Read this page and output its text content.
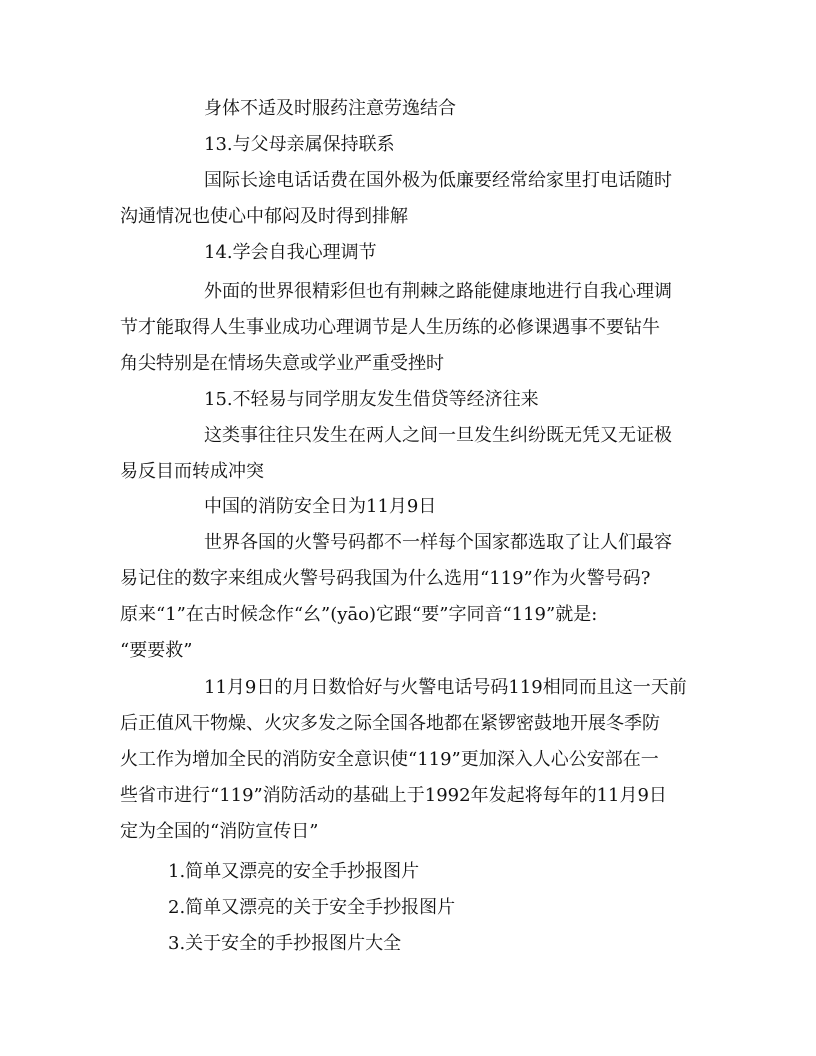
身体不适及时服药注意劳逸结合
13.与父母亲属保持联系
国际长途电话话费在国外极为低廉要经常给家里打电话随时
沟通情况也使心中郁闷及时得到排解
14.学会自我心理调节
外面的世界很精彩但也有荆棘之路能健康地进行自我心理调
节才能取得人生事业成功心理调节是人生历练的必修课遇事不要钻牛
角尖特别是在情场失意或学业严重受挫时
15.不轻易与同学朋友发生借贷等经济往来
这类事往往只发生在两人之间一旦发生纠纷既无凭又无证极
易反目而转成冲突
中国的消防安全日为11月9日
世界各国的火警号码都不一样每个国家都选取了让人们最容
易记住的数字来组成火警号码我国为什么选用“119”作为火警号码?
原来“1”在古时候念作“幺”(yāo)它跟“要”字同音“119”就是:
“要要救”
11月9日的月日数恰好与火警电话号码119相同而且这一天前
后正值风干物燥、火灾多发之际全国各地都在紧锣密鼓地开展冬季防
火工作为增加全民的消防安全意识使“119”更加深入人心公安部在一
些省市进行“119”消防活动的基础上于1992年发起将每年的11月9日
定为全国的“消防宣传日”
1.简单又漂亮的安全手抄报图片
2.简单又漂亮的关于安全手抄报图片
3.关于安全的手抄报图片大全
